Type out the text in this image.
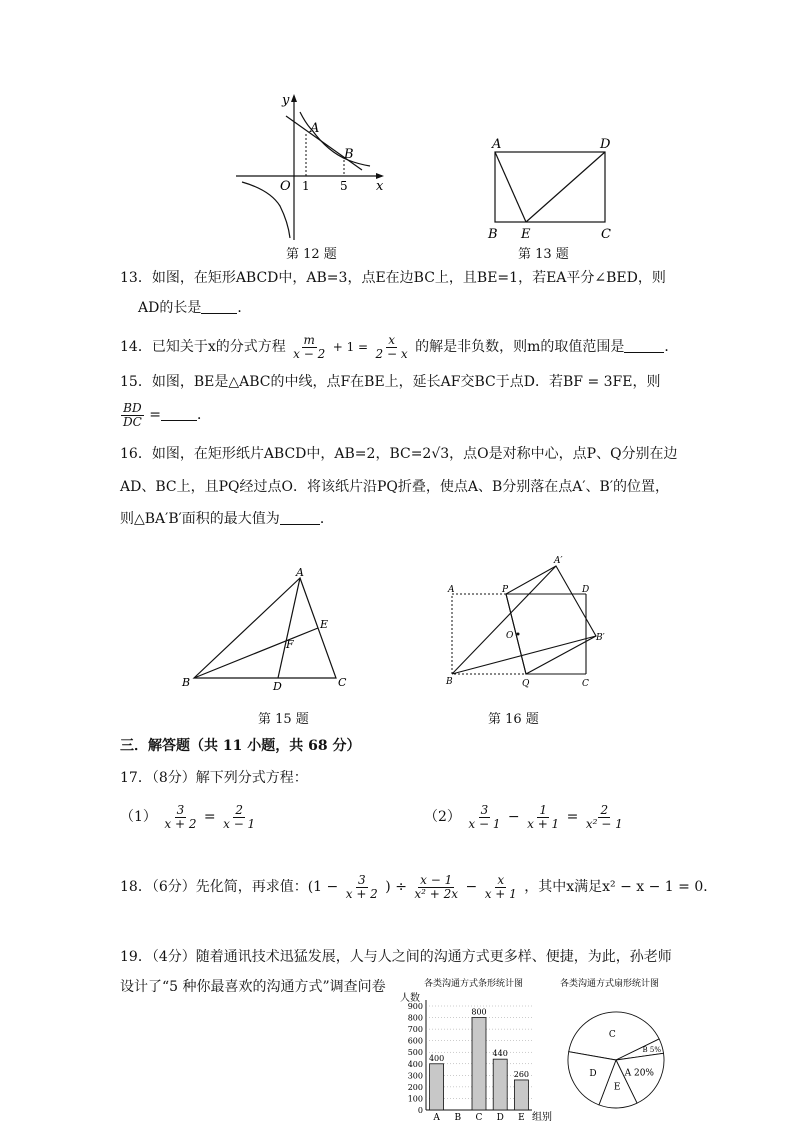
y
x
O
A
B
1	5
第 12 题
A	D
B E	C
第 13 题
13．如图，在矩形ABCD中，AB=3，点E在边BC上，且BE=1，若EA平分∠BED，则
AD的长是	．
14．已知关于x的分式方程 $\frac{m}{x - 2} + 1 = \frac{x}{2 - x}$ 的解是非负数，则m的取值范围是	．
15．如图，BE是△ABC的中线，点F在BE上，延长AF交BC于点D．若BF = 3FE，则
$\frac{BD}{DC}$ =	．
16．如图，在矩形纸片ABCD中，AB=2，BC=2√3，点O是对称中心，点P、Q分别在边
AD、BC上，且PQ经过点O．将该纸片沿PQ折叠，使点A、B分别落在点A′、B′的位置，
则△BA′B′面积的最大值为	．
A
B	C
D
E
F
第 15 题
A
A′
P	D
O	B′
B	Q	C
第 16 题
三．解答题（共 11 小题，共 68 分）
17．（8分）解下列分式方程：
$(1) \frac{3}{x + 2} = \frac{2}{x - 1}$	$(2) \frac{3}{x - 1} - \frac{1}{x + 1} = \frac{2}{\text{x² − 1}}$
18．（6分）先化简，再求值：($1 - \frac{3}{x + 2}$ ) ÷ $\frac{x - 1}{\text{x² + 2x}} - \frac{x}{x + 1}$ ，其中x满足x² − x − 1 = 0．
19．（4分）随着通讯技术迅猛发展，人与人之间的沟通方式更多样、便捷，为此，孙老师
设计了“5 种你最喜欢的沟通方式”调查问卷	各类沟通方式条形统计图
人数
组别
0
100
200
300
400
500
600
700
800
900
400
A B
800
C
440
D
260
E
各类沟通方式扇形统计图
C
B 5%
A 20%
E
D
